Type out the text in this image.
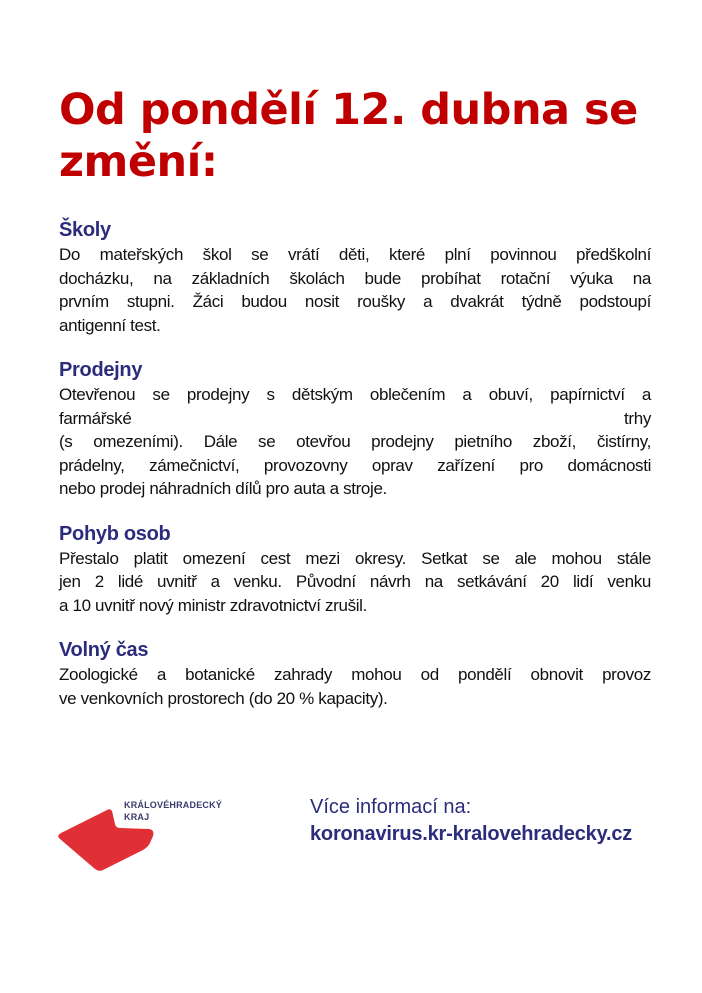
Od pondělí 12. dubna se
změní:
Školy

Do mateřských škol se vrátí děti, které plní povinnou předškolní
docházku, na základních školách bude probíhat rotační výuka na
prvním stupni. Žáci budou nosit roušky a dvakrát týdně podstoupí
antigenní test.

Prodejny

Otevřenou se prodejny s dětským oblečením a obuví, papírnictví a
farmářské trhy
(s omezeními). Dále se otevřou prodejny pietního zboží, čistírny,
prádelny, zámečnictví, provozovny oprav zařízení pro domácnosti
nebo prodej náhradních dílů pro auta a stroje.

Pohyb osob

Přestalo platit omezení cest mezi okresy. Setkat se ale mohou stále
jen 2 lidé uvnitř a venku. Původní návrh na setkávání 20 lidí venku
a 10 uvnitř nový ministr zdravotnictví zrušil.

Volný čas

Zoologické a botanické zahrady mohou od pondělí obnovit provoz
ve venkovních prostorech (do 20 % kapacity).

KRÁLOVÉHRADECKÝ
KRAJ	Více informací na:
koronavirus.kr-kralovehradecky.cz
